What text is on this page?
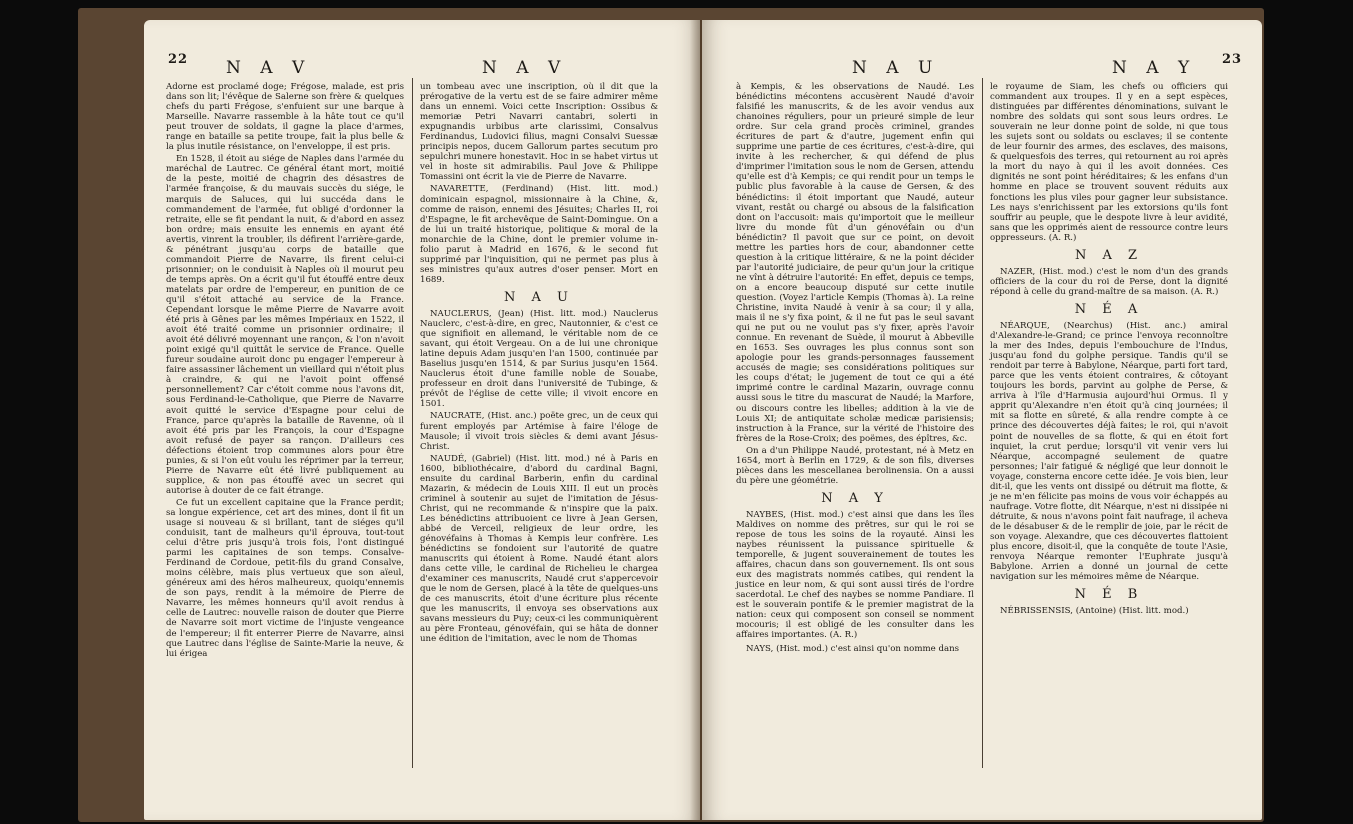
22 N A V	N A V

Adorne est proclamé doge; Frégose, malade, est pris dans son lit; l'évêque de Salerne son frère & quelques chefs du parti Frégose, s'enfuient sur une barque à Marseille. Navarre rassemble à la hâte tout ce qu'il peut trouver de soldats, il gagne la place d'armes, range en bataille sa petite troupe, fait la plus belle & la plus inutile résistance, on l'enveloppe, il est pris.

En 1528, il étoit au siége de Naples dans l'armée du maréchal de Lautrec. Ce général étant mort, moitié de la peste, moitié de chagrin des désastres de l'armée françoise, & du mauvais succès du siége, le marquis de Saluces, qui lui succéda dans le commandement de l'armée, fut obligé d'ordonner la retraite, elle se fit pendant la nuit, & d'abord en assez bon ordre; mais ensuite les ennemis en ayant été avertis, vinrent la troubler, ils défirent l'arrière-garde, & pénétrant jusqu'au corps de bataille que commandoit Pierre de Navarre, ils firent celui-ci prisonnier; on le conduisit à Naples où il mourut peu de temps après. On a écrit qu'il fut étouffé entre deux matelats par ordre de l'empereur, en punition de ce qu'il s'étoit attaché au service de la France. Cependant lorsque le même Pierre de Navarre avoit été pris à Gênes par les mêmes Impériaux en 1522, il avoit été traité comme un prisonnier ordinaire; il avoit été délivré moyennant une rançon, & l'on n'avoit point exigé qu'il quittât le service de France. Quelle fureur soudaine auroit donc pu engager l'empereur à faire assassiner lâchement un vieillard qui n'étoit plus à craindre, & qui ne l'avoit point offensé personnellement? Car c'étoit comme nous l'avons dit, sous Ferdinand-le-Catholique, que Pierre de Navarre avoit quitté le service d'Espagne pour celui de France, parce qu'après la bataille de Ravenne, où il avoit été pris par les François, la cour d'Espagne avoit refusé de payer sa rançon. D'ailleurs ces défections étoient trop communes alors pour être punies, & si l'on eût voulu les réprimer par la terreur, Pierre de Navarre eût été livré publiquement au supplice, & non pas étouffé avec un secret qui autorise à douter de ce fait étrange.

Ce fut un excellent capitaine que la France perdit; sa longue expérience, cet art des mines, dont il fit un usage si nouveau & si brillant, tant de siéges qu'il conduisit, tant de malheurs qu'il éprouva, tout-tout celui d'être pris jusqu'à trois fois, l'ont distingué parmi les capitaines de son temps. Consalve-Ferdinand de Cordoue, petit-fils du grand Consalve, moins célèbre, mais plus vertueux que son aïeul, généreux ami des héros malheureux, quoiqu'ennemis de son pays, rendit à la mémoire de Pierre de Navarre, les mêmes honneurs qu'il avoit rendus à celle de Lautrec: nouvelle raison de douter que Pierre de Navarre soit mort victime de l'injuste vengeance de l'empereur; il fit enterrer Pierre de Navarre, ainsi que Lautrec dans l'église de Sainte-Marie la neuve, & lui érigea

un tombeau avec une inscription, où il dit que la prérogative de la vertu est de se faire admirer même dans un ennemi. Voici cette Inscription: Ossibus & memoriæ Petri Navarri cantabri, solerti in expugnandis urbibus arte clarissimi, Consalvus Ferdinandus, Ludovici filius, magni Consalvi Suessæ principis nepos, ducem Gallorum partes secutum pro sepulchri munere honestavit. Hoc in se habet virtus ut vel in hoste sit admirabilis. Paul Jove & Philippe Tomassini ont écrit la vie de Pierre de Navarre.

NAVARETTE, (Ferdinand) (Hist. litt. mod.) dominicain espagnol, missionnaire à la Chine, &, comme de raison, ennemi des Jésuites; Charles II, roi d'Espagne, le fit archevêque de Saint-Domingue. On a de lui un traité historique, politique & moral de la monarchie de la Chine, dont le premier volume in-folio parut à Madrid en 1676, & le second fut supprimé par l'inquisition, qui ne permet pas plus à ses ministres qu'aux autres d'oser penser. Mort en 1689.

N A U

NAUCLERUS, (Jean) (Hist. litt. mod.) Nauclerus Nauclerc, c'est-à-dire, en grec, Nautonnier, & c'est ce que signifioit en allemand, le véritable nom de ce savant, qui étoit Vergeau. On a de lui une chronique latine depuis Adam jusqu'en l'an 1500, continuée par Baselius jusqu'en 1514, & par Surius jusqu'en 1564. Nauclerus étoit d'une famille noble de Souabe, professeur en droit dans l'université de Tubinge, & prévôt de l'église de cette ville; il vivoit encore en 1501.

NAUCRATE, (Hist. anc.) poëte grec, un de ceux qui furent employés par Artémise à faire l'éloge de Mausole; il vivoit trois siècles & demi avant Jésus-Christ.

NAUDÉ, (Gabriel) (Hist. litt. mod.) né à Paris en 1600, bibliothécaire, d'abord du cardinal Bagni, ensuite du cardinal Barberin, enfin du cardinal Mazarin, & médecin de Louis XIII. Il eut un procès criminel à soutenir au sujet de l'imitation de Jésus-Christ, qui ne recommande & n'inspire que la paix. Les bénédictins attribuoient ce livre à Jean Gersen, abbé de Verceil, religieux de leur ordre, les génovéfains à Thomas à Kempis leur confrère. Les bénédictins se fondoient sur l'autorité de quatre manuscrits qui étoient à Rome. Naudé étant alors dans cette ville, le cardinal de Richelieu le chargea d'examiner ces manuscrits, Naudé crut s'appercevoir que le nom de Gersen, placé à la tête de quelques-uns de ces manuscrits, étoit d'une écriture plus récente que les manuscrits, il envoya ses observations aux savans messieurs du Puy; ceux-ci les communiquèrent au père Fronteau, génovéfain, qui se hâta de donner une édition de l'imitation, avec le nom de Thomas

N A U	N A Y 23

à Kempis, & les observations de Naudé. Les bénédictins mécontens accusèrent Naudé d'avoir falsifié les manuscrits, & de les avoir vendus aux chanoines réguliers, pour un prieuré simple de leur ordre. Sur cela grand procès criminel, grandes écritures de part & d'autre, jugement enfin qui supprime une partie de ces écritures, c'est-à-dire, qui invite à les rechercher, & qui défend de plus d'imprimer l'imitation sous le nom de Gersen, attendu qu'elle est d'à Kempis; ce qui rendit pour un temps le public plus favorable à la cause de Gersen, & des bénédictins: il étoit important que Naudé, auteur vivant, restât ou chargé ou absous de la falsification dont on l'accusoit: mais qu'importoit que le meilleur livre du monde fût d'un génovéfain ou d'un bénédictin? Il pavoit que sur ce point, on devoit mettre les parties hors de cour, abandonner cette question à la critique littéraire, & ne la point décider par l'autorité judiciaire, de peur qu'un jour la critique ne vînt à détruire l'autorité: En effet, depuis ce temps, on a encore beaucoup disputé sur cette inutile question. (Voyez l'article Kempis (Thomas à). La reine Christine, invita Naudé à venir à sa cour; il y alla, mais il ne s'y fixa point, & il ne fut pas le seul savant qui ne put ou ne voulut pas s'y fixer, après l'avoir connue. En revenant de Suède, il mourut à Abbeville en 1653. Ses ouvrages les plus connus sont son apologie pour les grands-personnages faussement accusés de magie; ses considérations politiques sur les coups d'état; le jugement de tout ce qui a été imprimé contre le cardinal Mazarin, ouvrage connu aussi sous le titre du mascurat de Naudé; la Marfore, ou discours contre les libelles; addition à la vie de Louis XI; de antiquitate scholæ medicæ parisiensis; instruction à la France, sur la vérité de l'histoire des frères de la Rose-Croix; des poëmes, des épîtres, &c.

On a d'un Philippe Naudé, protestant, né à Metz en 1654, mort à Berlin en 1729, & de son fils, diverses pièces dans les mescellanea berolinensia. On a aussi du père une géométrie.

N A Y

NAYBES, (Hist. mod.) c'est ainsi que dans les îles Maldives on nomme des prêtres, sur qui le roi se repose de tous les soins de la royauté. Ainsi les naybes réunissent la puissance spirituelle & temporelle, & jugent souverainement de toutes les affaires, chacun dans son gouvernement. Ils ont sous eux des magistrats nommés catibes, qui rendent la justice en leur nom, & qui sont aussi tirés de l'ordre sacerdotal. Le chef des naybes se nomme Pandiare. Il est le souverain pontife & le premier magistrat de la nation: ceux qui composent son conseil se nomment mocouris; il est obligé de les consulter dans les affaires importantes. (A. R.)

NAYS, (Hist. mod.) c'est ainsi qu'on nomme dans

le royaume de Siam, les chefs ou officiers qui commandent aux troupes. Il y en a sept espèces, distinguées par différentes dénominations, suivant le nombre des soldats qui sont sous leurs ordres. Le souverain ne leur donne point de solde, ni que tous les sujets sont ou soldats ou esclaves; il se contente de leur fournir des armes, des esclaves, des maisons, & quelquesfois des terres, qui retournent au roi après la mort du nayo à qui il les avoit données. Ces dignités ne sont point héréditaires; & les enfans d'un homme en place se trouvent souvent réduits aux fonctions les plus viles pour gagner leur subsistance. Les nays s'enrichissent par les extorsions qu'ils font souffrir au peuple, que le despote livre à leur avidité, sans que les opprimés aient de ressource contre leurs oppresseurs. (A. R.)

N A Z

NAZER, (Hist. mod.) c'est le nom d'un des grands officiers de la cour du roi de Perse, dont la dignité répond à celle du grand-maître de sa maison. (A. R.)

N É A

NÉARQUE, (Nearchus) (Hist. anc.) amiral d'Alexandre-le-Grand; ce prince l'envoya reconnoître la mer des Indes, depuis l'embouchure de l'Indus, jusqu'au fond du golphe persique. Tandis qu'il se rendoit par terre à Babylone, Néarque, parti fort tard, parce que les vents étoient contraires, & côtoyant toujours les bords, parvint au golphe de Perse, & arriva à l'île d'Harmusia aujourd'hui Ormus. Il y apprit qu'Alexandre n'en étoit qu'à cinq journées; il mit sa flotte en sûreté, & alla rendre compte à ce prince des découvertes déjà faites; le roi, qui n'avoit point de nouvelles de sa flotte, & qui en étoit fort inquiet, la crut perdue; lorsqu'il vit venir vers lui Néarque, accompagné seulement de quatre personnes; l'air fatigué & négligé que leur donnoit le voyage, consterna encore cette idée. Je vois bien, leur dit-il, que les vents ont dissipé ou détruit ma flotte, & je ne m'en félicite pas moins de vous voir échappés au naufrage. Votre flotte, dit Néarque, n'est ni dissipée ni détruite, & nous n'avons point fait naufrage, il acheva de le désabuser & de le remplir de joie, par le récit de son voyage. Alexandre, que ces découvertes flattoient plus encore, disoit-il, que la conquête de toute l'Asie, renvoya Néarque remonter l'Euphrate jusqu'à Babylone. Arrien a donné un journal de cette navigation sur les mémoires même de Néarque.

N É B

NÉBRISSENSIS, (Antoine) (Hist. litt. mod.)
